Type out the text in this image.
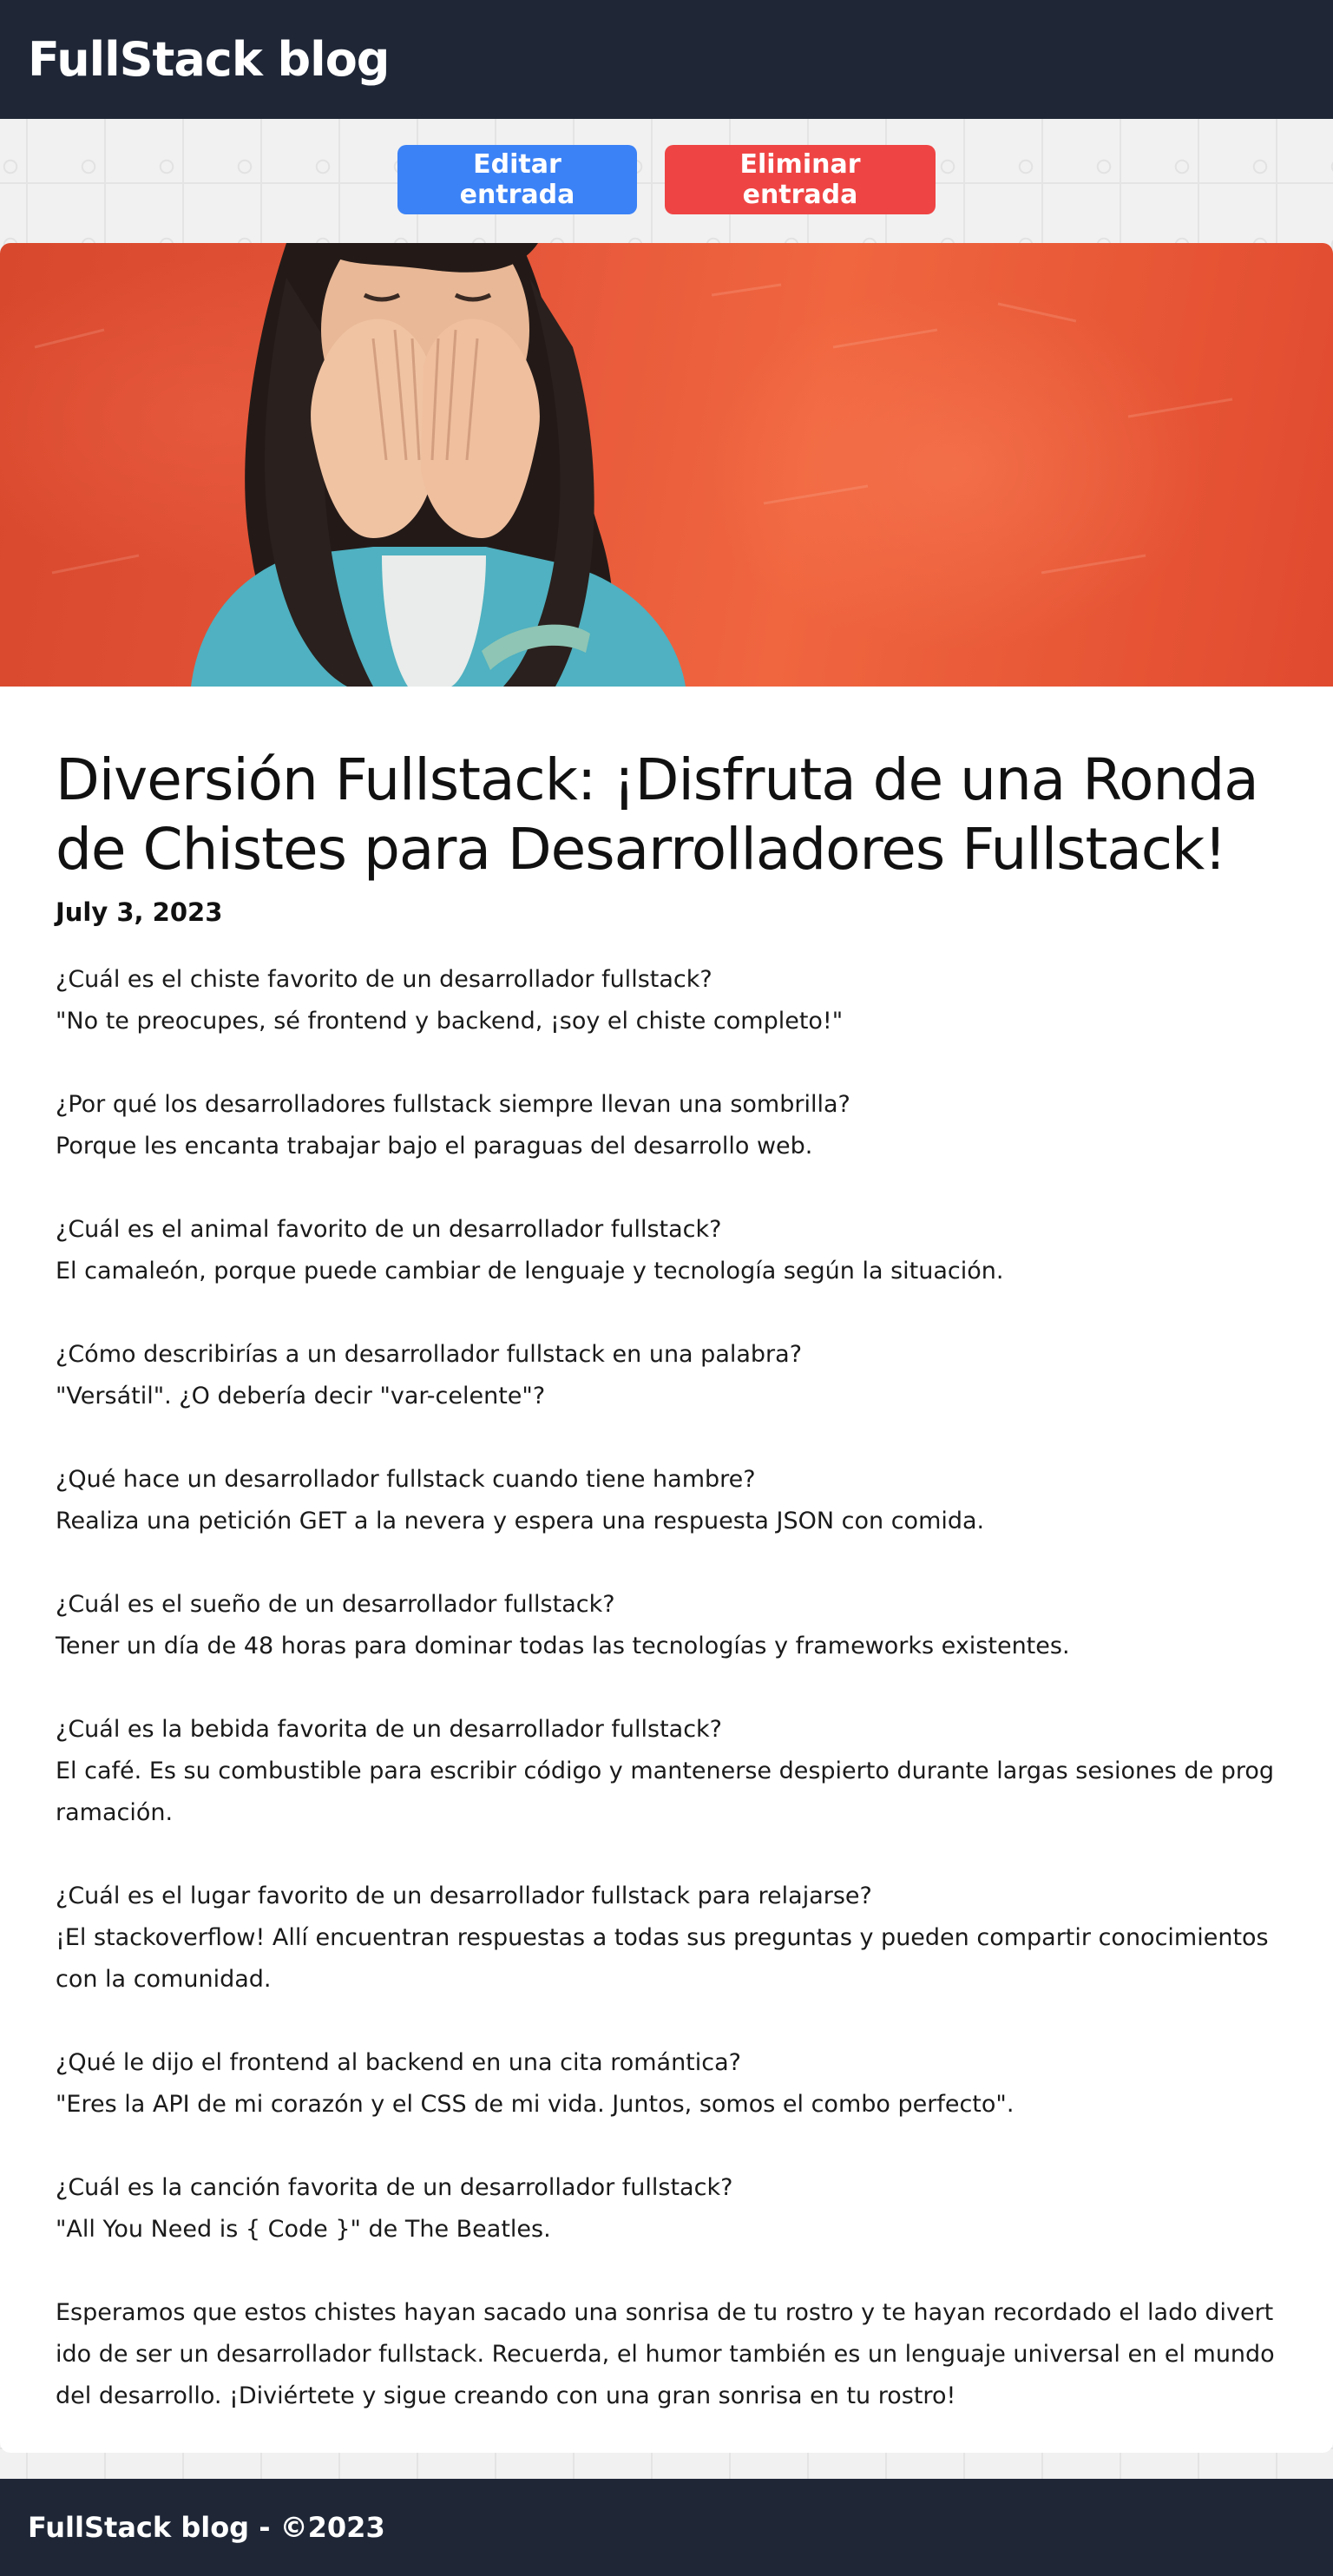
FullStack blog
Editar entrada
Eliminar entrada
Diversión Fullstack: ¡Disfruta de una Ronda de Chistes para Desarrolladores Fullstack!
July 3, 2023

¿Cuál es el chiste favorito de un desarrollador fullstack?

"No te preocupes, sé frontend y backend, ¡soy el chiste completo!"

¿Por qué los desarrolladores fullstack siempre llevan una sombrilla?

Porque les encanta trabajar bajo el paraguas del desarrollo web.

¿Cuál es el animal favorito de un desarrollador fullstack?

El camaleón, porque puede cambiar de lenguaje y tecnología según la situación.

¿Cómo describirías a un desarrollador fullstack en una palabra?

"Versátil". ¿O debería decir "var-celente"?

¿Qué hace un desarrollador fullstack cuando tiene hambre?

Realiza una petición GET a la nevera y espera una respuesta JSON con comida.

¿Cuál es el sueño de un desarrollador fullstack?

Tener un día de 48 horas para dominar todas las tecnologías y frameworks existentes.

¿Cuál es la bebida favorita de un desarrollador fullstack?

El café. Es su combustible para escribir código y mantenerse despierto durante largas sesiones de programación.

¿Cuál es el lugar favorito de un desarrollador fullstack para relajarse?

¡El stackoverflow! Allí encuentran respuestas a todas sus preguntas y pueden compartir conocimientos con la comunidad.

¿Qué le dijo el frontend al backend en una cita romántica?

"Eres la API de mi corazón y el CSS de mi vida. Juntos, somos el combo perfecto".

¿Cuál es la canción favorita de un desarrollador fullstack?

"All You Need is { Code }" de The Beatles.

Esperamos que estos chistes hayan sacado una sonrisa de tu rostro y te hayan recordado el lado divertido de ser un desarrollador fullstack. Recuerda, el humor también es un lenguaje universal en el mundo del desarrollo. ¡Diviértete y sigue creando con una gran sonrisa en tu rostro!

FullStack blog - ©2023
